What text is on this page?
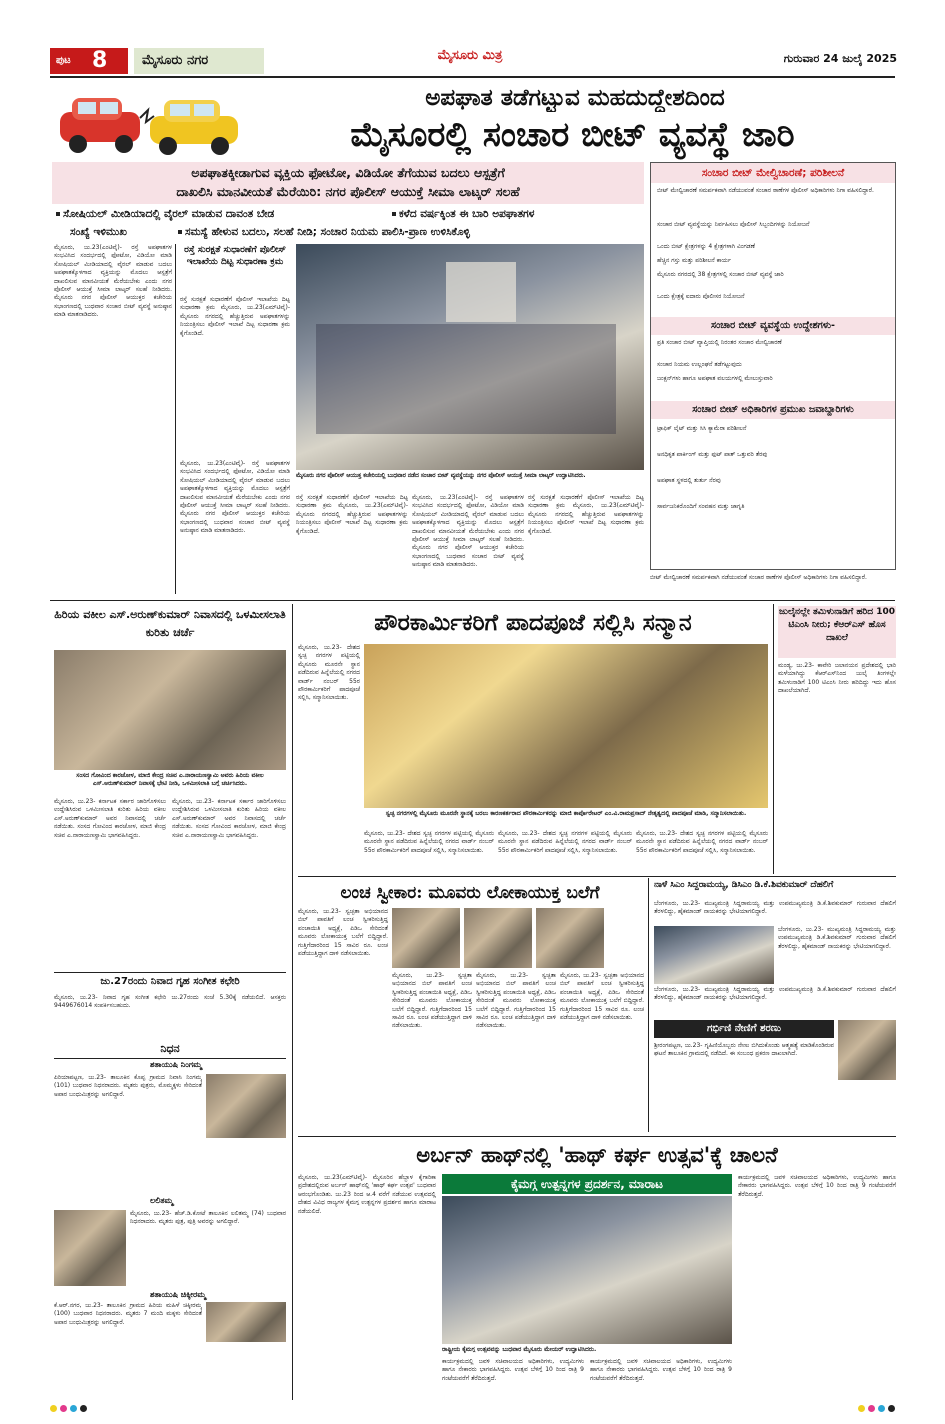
ಪುಟ 8	ಮೈಸೂರು ನಗರ	ಮೈಸೂರು ಮಿತ್ರ	ಗುರುವಾರ 24 ಜುಲೈ 2025
ಅಪಘಾತ ತಡೆಗಟ್ಟುವ ಮಹದುದ್ದೇಶದಿಂದ
ಮೈಸೂರಲ್ಲಿ ಸಂಚಾರ ಬೀಟ್ ವ್ಯವಸ್ಥೆ ಜಾರಿ
ಅಪಘಾತಕ್ಕೀಡಾಗುವ ವ್ಯಕ್ತಿಯ ಫೋಟೋ, ವಿಡಿಯೋ ತೆಗೆಯುವ ಬದಲು ಆಸ್ಪತ್ರೆಗೆ
ದಾಖಲಿಸಿ ಮಾನವೀಯತೆ ಮೆರೆಯಿರಿ: ನಗರ ಪೊಲೀಸ್ ಆಯುಕ್ತೆ ಸೀಮಾ ಲಾಟ್ಕರ್ ಸಲಹೆ
ಸೋಷಿಯಲ್ ಮೀಡಿಯಾದಲ್ಲಿ ವೈರಲ್ ಮಾಡುವ ದಾವಂತ ಬೇಡ	ಕಳೆದ ವರ್ಷಕ್ಕಿಂತ ಈ ಬಾರಿ ಅಪಘಾತಗಳ
ಸಂಖ್ಯೆ ಇಳಿಮುಖ	ಸಮಸ್ಯೆ ಹೇಳುವ ಬದಲು, ಸಲಹೆ ನೀಡಿ; ಸಂಚಾರ ನಿಯಮ ಪಾಲಿಸಿ-ಪ್ರಾಣ ಉಳಿಸಿಕೊಳ್ಳಿ
ಮೈಸೂರು, ಜು.23(ಎಂಟಿವೈ)- ರಸ್ತೆ ಅಪಘಾತಗಳ ಸಂಭವಿಸಿದ ಸಂದರ್ಭದಲ್ಲಿ ಫೋಟೋ, ವಿಡಿಯೋ ಮಾಡಿ ಸೋಷಿಯಲ್ ಮೀಡಿಯಾದಲ್ಲಿ ವೈರಲ್ ಮಾಡುವ ಬದಲು ಅಪಘಾತಕ್ಕೊಳಗಾದ ವ್ಯಕ್ತಿಯನ್ನು ಮೊದಲು ಆಸ್ಪತ್ರೆಗೆ ದಾಖಲಿಸುವ ಮಾನವೀಯತೆ ಮೆರೆಯಬೇಕು ಎಂದು ನಗರ ಪೊಲೀಸ್ ಆಯುಕ್ತೆ ಸೀಮಾ ಲಾಟ್ಕರ್ ಸಲಹೆ ನೀಡಿದರು. ಮೈಸೂರು ನಗರ ಪೊಲೀಸ್ ಆಯುಕ್ತರ ಕಚೇರಿಯ ಸಭಾಂಗಣದಲ್ಲಿ ಬುಧವಾರ ಸಂಚಾರ ಬೀಟ್ ವ್ಯವಸ್ಥೆ ಅನುಷ್ಠಾನ ಮಾಡಿ ಮಾತನಾಡಿದರು.
ರಸ್ತೆ ಸುರಕ್ಷತೆ ಸುಧಾರಣೆಗೆ ಪೊಲೀಸ್ ಇಲಾಖೆಯ ದಿಟ್ಟ ಸುಧಾರಣಾ ಕ್ರಮ
ರಸ್ತೆ ಸುರಕ್ಷತೆ ಸುಧಾರಣೆಗೆ ಪೊಲೀಸ್ ಇಲಾಖೆಯ ದಿಟ್ಟ ಸುಧಾರಣಾ ಕ್ರಮ ಮೈಸೂರು, ಜು.23(ಎಮ್‌ಟಿವೈ)- ಮೈಸೂರು ನಗರದಲ್ಲಿ ಹೆಚ್ಚುತ್ತಿರುವ ಅಪಘಾತಗಳನ್ನು ನಿಯಂತ್ರಿಸಲು ಪೊಲೀಸ್ ಇಲಾಖೆ ದಿಟ್ಟ ಸುಧಾರಣಾ ಕ್ರಮ ಕೈಗೊಂಡಿದೆ.
ಮೈಸೂರು ನಗರ ಪೊಲೀಸ್ ಆಯುಕ್ತ ಕಚೇರಿಯಲ್ಲಿ ಬುಧವಾರ ನಡೆದ ಸಂಚಾರ ಬೀಟ್ ವ್ಯವಸ್ಥೆಯನ್ನು ನಗರ ಪೊಲೀಸ್ ಆಯುಕ್ತೆ ಸೀಮಾ ಲಾಟ್ಕರ್ ಉದ್ಘಾಟಿಸಿದರು.
ಮೈಸೂರು, ಜು.23(ಎಂಟಿವೈ)- ರಸ್ತೆ ಅಪಘಾತಗಳ ಸಂಭವಿಸಿದ ಸಂದರ್ಭದಲ್ಲಿ ಫೋಟೋ, ವಿಡಿಯೋ ಮಾಡಿ ಸೋಷಿಯಲ್ ಮೀಡಿಯಾದಲ್ಲಿ ವೈರಲ್ ಮಾಡುವ ಬದಲು ಅಪಘಾತಕ್ಕೊಳಗಾದ ವ್ಯಕ್ತಿಯನ್ನು ಮೊದಲು ಆಸ್ಪತ್ರೆಗೆ ದಾಖಲಿಸುವ ಮಾನವೀಯತೆ ಮೆರೆಯಬೇಕು ಎಂದು ನಗರ ಪೊಲೀಸ್ ಆಯುಕ್ತೆ ಸೀಮಾ ಲಾಟ್ಕರ್ ಸಲಹೆ ನೀಡಿದರು. ಮೈಸೂರು ನಗರ ಪೊಲೀಸ್ ಆಯುಕ್ತರ ಕಚೇರಿಯ ಸಭಾಂಗಣದಲ್ಲಿ ಬುಧವಾರ ಸಂಚಾರ ಬೀಟ್ ವ್ಯವಸ್ಥೆ ಅನುಷ್ಠಾನ ಮಾಡಿ ಮಾತನಾಡಿದರು.
ರಸ್ತೆ ಸುರಕ್ಷತೆ ಸುಧಾರಣೆಗೆ ಪೊಲೀಸ್ ಇಲಾಖೆಯ ದಿಟ್ಟ ಸುಧಾರಣಾ ಕ್ರಮ ಮೈಸೂರು, ಜು.23(ಎಮ್‌ಟಿವೈ)- ಮೈಸೂರು ನಗರದಲ್ಲಿ ಹೆಚ್ಚುತ್ತಿರುವ ಅಪಘಾತಗಳನ್ನು ನಿಯಂತ್ರಿಸಲು ಪೊಲೀಸ್ ಇಲಾಖೆ ದಿಟ್ಟ ಸುಧಾರಣಾ ಕ್ರಮ ಕೈಗೊಂಡಿದೆ.
ಮೈಸೂರು, ಜು.23(ಎಂಟಿವೈ)- ರಸ್ತೆ ಅಪಘಾತಗಳ ಸಂಭವಿಸಿದ ಸಂದರ್ಭದಲ್ಲಿ ಫೋಟೋ, ವಿಡಿಯೋ ಮಾಡಿ ಸೋಷಿಯಲ್ ಮೀಡಿಯಾದಲ್ಲಿ ವೈರಲ್ ಮಾಡುವ ಬದಲು ಅಪಘಾತಕ್ಕೊಳಗಾದ ವ್ಯಕ್ತಿಯನ್ನು ಮೊದಲು ಆಸ್ಪತ್ರೆಗೆ ದಾಖಲಿಸುವ ಮಾನವೀಯತೆ ಮೆರೆಯಬೇಕು ಎಂದು ನಗರ ಪೊಲೀಸ್ ಆಯುಕ್ತೆ ಸೀಮಾ ಲಾಟ್ಕರ್ ಸಲಹೆ ನೀಡಿದರು. ಮೈಸೂರು ನಗರ ಪೊಲೀಸ್ ಆಯುಕ್ತರ ಕಚೇರಿಯ ಸಭಾಂಗಣದಲ್ಲಿ ಬುಧವಾರ ಸಂಚಾರ ಬೀಟ್ ವ್ಯವಸ್ಥೆ ಅನುಷ್ಠಾನ ಮಾಡಿ ಮಾತನಾಡಿದರು.
ರಸ್ತೆ ಸುರಕ್ಷತೆ ಸುಧಾರಣೆಗೆ ಪೊಲೀಸ್ ಇಲಾಖೆಯ ದಿಟ್ಟ ಸುಧಾರಣಾ ಕ್ರಮ ಮೈಸೂರು, ಜು.23(ಎಮ್‌ಟಿವೈ)- ಮೈಸೂರು ನಗರದಲ್ಲಿ ಹೆಚ್ಚುತ್ತಿರುವ ಅಪಘಾತಗಳನ್ನು ನಿಯಂತ್ರಿಸಲು ಪೊಲೀಸ್ ಇಲಾಖೆ ದಿಟ್ಟ ಸುಧಾರಣಾ ಕ್ರಮ ಕೈಗೊಂಡಿದೆ.
ಸಂಚಾರ ಬೀಟ್ ಮೇಲ್ವಿಚಾರಣೆ; ಪರಿಶೀಲನೆ
ಬೀಟ್ ಮೇಲ್ವಿಚಾರಣೆ ಸಮರ್ಪಕವಾಗಿ ನಡೆಯುವಂತೆ ಸಂಚಾರ ಠಾಣೆಗಳ ಪೊಲೀಸ್ ಅಧಿಕಾರಿಗಳು ನಿಗಾ ವಹಿಸಲಿದ್ದಾರೆ.
ಸಂಚಾರ ಬೀಟ್ ವ್ಯವಸ್ಥೆಯನ್ನು ನಿರ್ವಹಿಸಲು ಪೊಲೀಸ್ ಸಿಬ್ಬಂದಿಗಳನ್ನು ನಿಯೋಜನೆ
ಒಂದು ಬೀಟ್ ಕ್ಷೇತ್ರಗಳನ್ನು 4 ಕ್ಷೇತ್ರಗಳಾಗಿ ವಿಂಗಡಣೆ
ಹೆಚ್ಚಿನ ಗಸ್ತು ಮತ್ತು ಪರಿಶೀಲನೆ ಕಾರ್ಯ
ಮೈಸೂರು ನಗರದಲ್ಲಿ 38 ಕ್ಷೇತ್ರಗಳಲ್ಲಿ ಸಂಚಾರ ಬೀಟ್ ವ್ಯವಸ್ಥೆ ಜಾರಿ
ಒಂದು ಕ್ಷೇತ್ರಕ್ಕೆ ಐದಾರು ಪೊಲೀಸರ ನಿಯೋಜನೆ
ಸಂಚಾರ ಬೀಟ್ ವ್ಯವಸ್ಥೆಯ ಉದ್ದೇಶಗಳು-
ಪ್ರತಿ ಸಂಚಾರ ಬೀಟ್ ವ್ಯಾಪ್ತಿಯಲ್ಲಿ ನಿರಂತರ ಸಂಚಾರ ಮೇಲ್ವಿಚಾರಣೆ
ಸಂಚಾರ ನಿಯಮ ಉಲ್ಲಂಘನೆ ತಡೆಗಟ್ಟುವುದು
ಜಂಕ್ಷನ್‌ಗಳು ಹಾಗೂ ಅಪಘಾತ ವಲಯಗಳಲ್ಲಿ ಮೇಲುಸ್ತುವಾರಿ
ಸಂಚಾರ ಬೀಟ್ ಅಧಿಕಾರಿಗಳ ಪ್ರಮುಖ ಜವಾಬ್ದಾರಿಗಳು
ಟ್ರಾಫಿಕ್ ಲೈಟ್ ಮತ್ತು ಸಿಸಿ ಕ್ಯಾಮೆರಾ ಪರಿಶೀಲನೆ
ಅನಧಿಕೃತ ಪಾರ್ಕಿಂಗ್ ಮತ್ತು ಫುಟ್ ಪಾತ್ ಒತ್ತುವರಿ ತೆರವು
ಅಪಘಾತ ಸ್ಥಳದಲ್ಲಿ ತುರ್ತು ನೆರವು
ಸಾರ್ವಜನಿಕರೊಂದಿಗೆ ಸಂವಹನ ಮತ್ತು ಜಾಗೃತಿ
ಬೀಟ್ ಮೇಲ್ವಿಚಾರಣೆ ಸಮರ್ಪಕವಾಗಿ ನಡೆಯುವಂತೆ ಸಂಚಾರ ಠಾಣೆಗಳ ಪೊಲೀಸ್ ಅಧಿಕಾರಿಗಳು ನಿಗಾ ವಹಿಸಲಿದ್ದಾರೆ.
ಹಿರಿಯ ವಕೀಲ ಎಸ್.ಅರುಣ್‌ಕುಮಾರ್ ನಿವಾಸದಲ್ಲಿ ಒಳಮೀಸಲಾತಿ ಕುರಿತು ಚರ್ಚೆ
ಸಂಸದ ಗೋವಿಂದ ಕಾರಜೋಳ, ಮಾಜಿ ಕೇಂದ್ರ ಸಚಿವ ಎ.ನಾರಾಯಣಸ್ವಾಮಿ ಅವರು ಹಿರಿಯ ವಕೀಲ ಎಸ್.ಅರುಣ್‌ಕುಮಾರ್ ನಿವಾಸಕ್ಕೆ ಭೇಟಿ ನೀಡಿ, ಒಳಮೀಸಲಾತಿ ಬಗ್ಗೆ ಚರ್ಚಿಸಿದರು.
ಮೈಸೂರು, ಜು.23- ಕರ್ನಾಟಕ ಸರ್ಕಾರ ಜಾರಿಗೊಳಿಸಲು ಉದ್ದೇಶಿಸಿರುವ ಒಳಮೀಸಲಾತಿ ಕುರಿತು ಹಿರಿಯ ವಕೀಲ ಎಸ್.ಅರುಣ್‌ಕುಮಾರ್ ಅವರ ನಿವಾಸದಲ್ಲಿ ಚರ್ಚೆ ನಡೆಯಿತು. ಸಂಸದ ಗೋವಿಂದ ಕಾರಜೋಳ, ಮಾಜಿ ಕೇಂದ್ರ ಸಚಿವ ಎ.ನಾರಾಯಣಸ್ವಾಮಿ ಭಾಗವಹಿಸಿದ್ದರು.
ಮೈಸೂರು, ಜು.23- ಕರ್ನಾಟಕ ಸರ್ಕಾರ ಜಾರಿಗೊಳಿಸಲು ಉದ್ದೇಶಿಸಿರುವ ಒಳಮೀಸಲಾತಿ ಕುರಿತು ಹಿರಿಯ ವಕೀಲ ಎಸ್.ಅರುಣ್‌ಕುಮಾರ್ ಅವರ ನಿವಾಸದಲ್ಲಿ ಚರ್ಚೆ ನಡೆಯಿತು. ಸಂಸದ ಗೋವಿಂದ ಕಾರಜೋಳ, ಮಾಜಿ ಕೇಂದ್ರ ಸಚಿವ ಎ.ನಾರಾಯಣಸ್ವಾಮಿ ಭಾಗವಹಿಸಿದ್ದರು.
ಜು.27ರಂದು ನಿವಾದ ಗೃಹ ಸಂಗೀತ ಕಛೇರಿ
ಮೈಸೂರು, ಜು.23- ನಿವಾದ ಗೃಹ ಸಂಗೀತ ಕಛೇರಿ ಜು.27ರಂದು ಸಂಜೆ 5.30ಕ್ಕೆ ನಡೆಯಲಿದೆ. ಆಸಕ್ತರು 9449676014 ಸಂಪರ್ಕಿಸಬಹುದು.
ನಿಧನ
ಶತಾಯುಷಿ ನಿಂಗಮ್ಮ
ಪಿರಿಯಾಪಟ್ಟಣ, ಜು.23- ತಾಲೂಕಿನ ಕೊಪ್ಪ ಗ್ರಾಮದ ನಿವಾಸಿ ನಿಂಗಮ್ಮ (101) ಬುಧವಾರ ನಿಧನರಾದರು. ಮೃತರು ಪುತ್ರರು, ಮೊಮ್ಮಕ್ಕಳು ಸೇರಿದಂತೆ ಅಪಾರ ಬಂಧುಮಿತ್ರರನ್ನು ಅಗಲಿದ್ದಾರೆ.
ಲಲಿತಮ್ಮ
ಮೈಸೂರು, ಜು.23- ಹೆಚ್.ಡಿ.ಕೋಟೆ ತಾಲೂಕಿನ ಲಲಿತಮ್ಮ (74) ಬುಧವಾರ ನಿಧನರಾದರು. ಮೃತರು ಪುತ್ರ, ಪುತ್ರಿ ಅವರನ್ನು ಅಗಲಿದ್ದಾರೆ.
ಶತಾಯುಷಿ ಚಿಕ್ಕೀರಮ್ಮ
ಕೆ.ಆರ್.ನಗರ, ಜು.23- ತಾಲೂಕಿನ ಗ್ರಾಮದ ಹಿರಿಯ ಮಹಿಳೆ ಚಿಕ್ಕೀರಮ್ಮ (100) ಬುಧವಾರ ನಿಧನರಾದರು. ಮೃತರು 7 ಮಂದಿ ಮಕ್ಕಳು ಸೇರಿದಂತೆ ಅಪಾರ ಬಂಧುಮಿತ್ರರನ್ನು ಅಗಲಿದ್ದಾರೆ.
ಪೌರಕಾರ್ಮಿಕರಿಗೆ ಪಾದಪೂಜೆ ಸಲ್ಲಿಸಿ ಸನ್ಮಾನ
ಮೈಸೂರು, ಜು.23- ದೇಶದ ಸ್ವಚ್ಛ ನಗರಗಳ ಪಟ್ಟಿಯಲ್ಲಿ ಮೈಸೂರು ಮೂರನೇ ಸ್ಥಾನ ಪಡೆದಿರುವ ಹಿನ್ನೆಲೆಯಲ್ಲಿ ನಗರದ ವಾರ್ಡ್ ನಂಬರ್ 55ರ ಪೌರಕಾರ್ಮಿಕರಿಗೆ ಪಾದಪೂಜೆ ಸಲ್ಲಿಸಿ, ಸನ್ಮಾನಿಸಲಾಯಿತು.
ಸ್ವಚ್ಛ ನಗರಗಳಲ್ಲಿ ಮೈಸೂರು ಮೂರನೇ ಸ್ಥಾನಕ್ಕೆ ಬರಲು ಕಾರಣಕರ್ತರಾದ ಪೌರಕಾರ್ಮಿಕರನ್ನು ಮಾಜಿ ಕಾರ್ಪೊರೇಟರ್ ಎಂ.ವಿ.ರಾಮಪ್ರಸಾದ್ ನೇತೃತ್ವದಲ್ಲಿ ಪಾದಪೂಜೆ ಮಾಡಿ, ಸನ್ಮಾನಿಸಲಾಯಿತು.
ಮೈಸೂರು, ಜು.23- ದೇಶದ ಸ್ವಚ್ಛ ನಗರಗಳ ಪಟ್ಟಿಯಲ್ಲಿ ಮೈಸೂರು ಮೂರನೇ ಸ್ಥಾನ ಪಡೆದಿರುವ ಹಿನ್ನೆಲೆಯಲ್ಲಿ ನಗರದ ವಾರ್ಡ್ ನಂಬರ್ 55ರ ಪೌರಕಾರ್ಮಿಕರಿಗೆ ಪಾದಪೂಜೆ ಸಲ್ಲಿಸಿ, ಸನ್ಮಾನಿಸಲಾಯಿತು.
ಮೈಸೂರು, ಜು.23- ದೇಶದ ಸ್ವಚ್ಛ ನಗರಗಳ ಪಟ್ಟಿಯಲ್ಲಿ ಮೈಸೂರು ಮೂರನೇ ಸ್ಥಾನ ಪಡೆದಿರುವ ಹಿನ್ನೆಲೆಯಲ್ಲಿ ನಗರದ ವಾರ್ಡ್ ನಂಬರ್ 55ರ ಪೌರಕಾರ್ಮಿಕರಿಗೆ ಪಾದಪೂಜೆ ಸಲ್ಲಿಸಿ, ಸನ್ಮಾನಿಸಲಾಯಿತು.
ಮೈಸೂರು, ಜು.23- ದೇಶದ ಸ್ವಚ್ಛ ನಗರಗಳ ಪಟ್ಟಿಯಲ್ಲಿ ಮೈಸೂರು ಮೂರನೇ ಸ್ಥಾನ ಪಡೆದಿರುವ ಹಿನ್ನೆಲೆಯಲ್ಲಿ ನಗರದ ವಾರ್ಡ್ ನಂಬರ್ 55ರ ಪೌರಕಾರ್ಮಿಕರಿಗೆ ಪಾದಪೂಜೆ ಸಲ್ಲಿಸಿ, ಸನ್ಮಾನಿಸಲಾಯಿತು.
ಜುಲೈನಲ್ಲೇ ತಮಿಳುನಾಡಿಗೆ ಹರಿದ 100 ಟಿಎಂಸಿ ನೀರು; ಕೆಆರ್‌ಎಸ್ ಹೊಸ ದಾಖಲೆ
ಮಂಡ್ಯ, ಜು.23- ಕಾವೇರಿ ಜಲಾನಯನ ಪ್ರದೇಶದಲ್ಲಿ ಭಾರಿ ಮಳೆಯಾಗಿದ್ದು ಕೆಆರ್‌ಎಸ್‌ನಿಂದ ಜುಲೈ ತಿಂಗಳಲ್ಲೇ ತಮಿಳುನಾಡಿಗೆ 100 ಟಿಎಂಸಿ ನೀರು ಹರಿದಿದ್ದು ಇದು ಹೊಸ ದಾಖಲೆಯಾಗಿದೆ.
ಲಂಚ ಸ್ವೀಕಾರ: ಮೂವರು ಲೋಕಾಯುಕ್ತ ಬಲೆಗೆ
ಮೈಸೂರು, ಜು.23- ಸ್ವಚ್ಛತಾ ಅಭಿಯಾನದ ಬಿಲ್ ಪಾವತಿಗೆ ಲಂಚ ಸ್ವೀಕರಿಸುತ್ತಿದ್ದ ಪಂಚಾಯಿತಿ ಅಧ್ಯಕ್ಷೆ, ಪಿಡಿಒ ಸೇರಿದಂತೆ ಮೂವರು ಲೋಕಾಯುಕ್ತ ಬಲೆಗೆ ಬಿದ್ದಿದ್ದಾರೆ. ಗುತ್ತಿಗೆದಾರರಿಂದ 15 ಸಾವಿರ ರೂ. ಲಂಚ ಪಡೆಯುತ್ತಿದ್ದಾಗ ದಾಳಿ ನಡೆಸಲಾಯಿತು.
ಮೈಸೂರು, ಜು.23- ಸ್ವಚ್ಛತಾ ಅಭಿಯಾನದ ಬಿಲ್ ಪಾವತಿಗೆ ಲಂಚ ಸ್ವೀಕರಿಸುತ್ತಿದ್ದ ಪಂಚಾಯಿತಿ ಅಧ್ಯಕ್ಷೆ, ಪಿಡಿಒ ಸೇರಿದಂತೆ ಮೂವರು ಲೋಕಾಯುಕ್ತ ಬಲೆಗೆ ಬಿದ್ದಿದ್ದಾರೆ. ಗುತ್ತಿಗೆದಾರರಿಂದ 15 ಸಾವಿರ ರೂ. ಲಂಚ ಪಡೆಯುತ್ತಿದ್ದಾಗ ದಾಳಿ ನಡೆಸಲಾಯಿತು.
ಮೈಸೂರು, ಜು.23- ಸ್ವಚ್ಛತಾ ಅಭಿಯಾನದ ಬಿಲ್ ಪಾವತಿಗೆ ಲಂಚ ಸ್ವೀಕರಿಸುತ್ತಿದ್ದ ಪಂಚಾಯಿತಿ ಅಧ್ಯಕ್ಷೆ, ಪಿಡಿಒ ಸೇರಿದಂತೆ ಮೂವರು ಲೋಕಾಯುಕ್ತ ಬಲೆಗೆ ಬಿದ್ದಿದ್ದಾರೆ. ಗುತ್ತಿಗೆದಾರರಿಂದ 15 ಸಾವಿರ ರೂ. ಲಂಚ ಪಡೆಯುತ್ತಿದ್ದಾಗ ದಾಳಿ ನಡೆಸಲಾಯಿತು.
ಮೈಸೂರು, ಜು.23- ಸ್ವಚ್ಛತಾ ಅಭಿಯಾನದ ಬಿಲ್ ಪಾವತಿಗೆ ಲಂಚ ಸ್ವೀಕರಿಸುತ್ತಿದ್ದ ಪಂಚಾಯಿತಿ ಅಧ್ಯಕ್ಷೆ, ಪಿಡಿಒ ಸೇರಿದಂತೆ ಮೂವರು ಲೋಕಾಯುಕ್ತ ಬಲೆಗೆ ಬಿದ್ದಿದ್ದಾರೆ. ಗುತ್ತಿಗೆದಾರರಿಂದ 15 ಸಾವಿರ ರೂ. ಲಂಚ ಪಡೆಯುತ್ತಿದ್ದಾಗ ದಾಳಿ ನಡೆಸಲಾಯಿತು.
ನಾಳೆ ಸಿಎಂ ಸಿದ್ದರಾಮಯ್ಯ, ಡಿಸಿಎಂ ಡಿ.ಕೆ.ಶಿವಕುಮಾರ್ ದೆಹಲಿಗೆ
ಬೆಂಗಳೂರು, ಜು.23- ಮುಖ್ಯಮಂತ್ರಿ ಸಿದ್ದರಾಮಯ್ಯ ಮತ್ತು ಉಪಮುಖ್ಯಮಂತ್ರಿ ಡಿ.ಕೆ.ಶಿವಕುಮಾರ್ ಗುರುವಾರ ದೆಹಲಿಗೆ ತೆರಳಲಿದ್ದು, ಹೈಕಮಾಂಡ್ ನಾಯಕರನ್ನು ಭೇಟಿಯಾಗಲಿದ್ದಾರೆ.
ಬೆಂಗಳೂರು, ಜು.23- ಮುಖ್ಯಮಂತ್ರಿ ಸಿದ್ದರಾಮಯ್ಯ ಮತ್ತು ಉಪಮುಖ್ಯಮಂತ್ರಿ ಡಿ.ಕೆ.ಶಿವಕುಮಾರ್ ಗುರುವಾರ ದೆಹಲಿಗೆ ತೆರಳಲಿದ್ದು, ಹೈಕಮಾಂಡ್ ನಾಯಕರನ್ನು ಭೇಟಿಯಾಗಲಿದ್ದಾರೆ.
ಬೆಂಗಳೂರು, ಜು.23- ಮುಖ್ಯಮಂತ್ರಿ ಸಿದ್ದರಾಮಯ್ಯ ಮತ್ತು ಉಪಮುಖ್ಯಮಂತ್ರಿ ಡಿ.ಕೆ.ಶಿವಕುಮಾರ್ ಗುರುವಾರ ದೆಹಲಿಗೆ ತೆರಳಲಿದ್ದು, ಹೈಕಮಾಂಡ್ ನಾಯಕರನ್ನು ಭೇಟಿಯಾಗಲಿದ್ದಾರೆ.
ಗರ್ಭಿಣಿ ನೇಣಿಗೆ ಶರಣು
ಶ್ರೀರಂಗಪಟ್ಟಣ, ಜು.23- ಗೃಹಿಣಿಯೊಬ್ಬರು ನೇಣು ಬಿಗಿದುಕೊಂಡು ಆತ್ಮಹತ್ಯೆ ಮಾಡಿಕೊಂಡಿರುವ ಘಟನೆ ತಾಲೂಕಿನ ಗ್ರಾಮದಲ್ಲಿ ನಡೆದಿದೆ. ಈ ಸಂಬಂಧ ಪ್ರಕರಣ ದಾಖಲಾಗಿದೆ.
ಅರ್ಬನ್ ಹಾಥ್‌ನಲ್ಲಿ 'ಹಾಥ್ ಕರ್ಘ ಉತ್ಸವ'ಕ್ಕೆ ಚಾಲನೆ
ಮೈಸೂರು, ಜು.23(ಎಮ್‌ಟಿವೈ)- ಮೈಸೂರಿನ ಹೆಬ್ಬಾಳ ಕೈಗಾರಿಕಾ ಪ್ರದೇಶದಲ್ಲಿರುವ ಅರ್ಬನ್ ಹಾಥ್‌ನಲ್ಲಿ 'ಹಾಥ್ ಕರ್ಘ ಉತ್ಸವ' ಬುಧವಾರ ಆರಂಭಗೊಂಡಿತು. ಜು.23 ರಿಂದ ಆ.4 ವರೆಗೆ ನಡೆಯುವ ಉತ್ಸವದಲ್ಲಿ ದೇಶದ ವಿವಿಧ ರಾಜ್ಯಗಳ ಕೈಮಗ್ಗ ಉತ್ಪನ್ನಗಳ ಪ್ರದರ್ಶನ ಹಾಗೂ ಮಾರಾಟ ನಡೆಯಲಿದೆ.
ಕೈಮಗ್ಗ ಉತ್ಪನ್ನಗಳ ಪ್ರದರ್ಶನ, ಮಾರಾಟ
ರಾಷ್ಟ್ರೀಯ ಕೈಮಗ್ಗ ಉತ್ಸವವನ್ನು ಬುಧವಾರ ಮೈಸೂರು ಮೇಯರ್ ಉದ್ಘಾಟಿಸಿದರು.
ಕಾರ್ಯಕ್ರಮದಲ್ಲಿ ಜವಳಿ ಸಚಿವಾಲಯದ ಅಧಿಕಾರಿಗಳು, ಉದ್ಯಮಿಗಳು ಹಾಗೂ ನೇಕಾರರು ಭಾಗವಹಿಸಿದ್ದರು. ಉತ್ಸವ ಬೆಳಿಗ್ಗೆ 10 ರಿಂದ ರಾತ್ರಿ 9 ಗಂಟೆಯವರೆಗೆ ತೆರೆದಿರುತ್ತದೆ.
ಕಾರ್ಯಕ್ರಮದಲ್ಲಿ ಜವಳಿ ಸಚಿವಾಲಯದ ಅಧಿಕಾರಿಗಳು, ಉದ್ಯಮಿಗಳು ಹಾಗೂ ನೇಕಾರರು ಭಾಗವಹಿಸಿದ್ದರು. ಉತ್ಸವ ಬೆಳಿಗ್ಗೆ 10 ರಿಂದ ರಾತ್ರಿ 9 ಗಂಟೆಯವರೆಗೆ ತೆರೆದಿರುತ್ತದೆ.
ಕಾರ್ಯಕ್ರಮದಲ್ಲಿ ಜವಳಿ ಸಚಿವಾಲಯದ ಅಧಿಕಾರಿಗಳು, ಉದ್ಯಮಿಗಳು ಹಾಗೂ ನೇಕಾರರು ಭಾಗವಹಿಸಿದ್ದರು. ಉತ್ಸವ ಬೆಳಿಗ್ಗೆ 10 ರಿಂದ ರಾತ್ರಿ 9 ಗಂಟೆಯವರೆಗೆ ತೆರೆದಿರುತ್ತದೆ.
